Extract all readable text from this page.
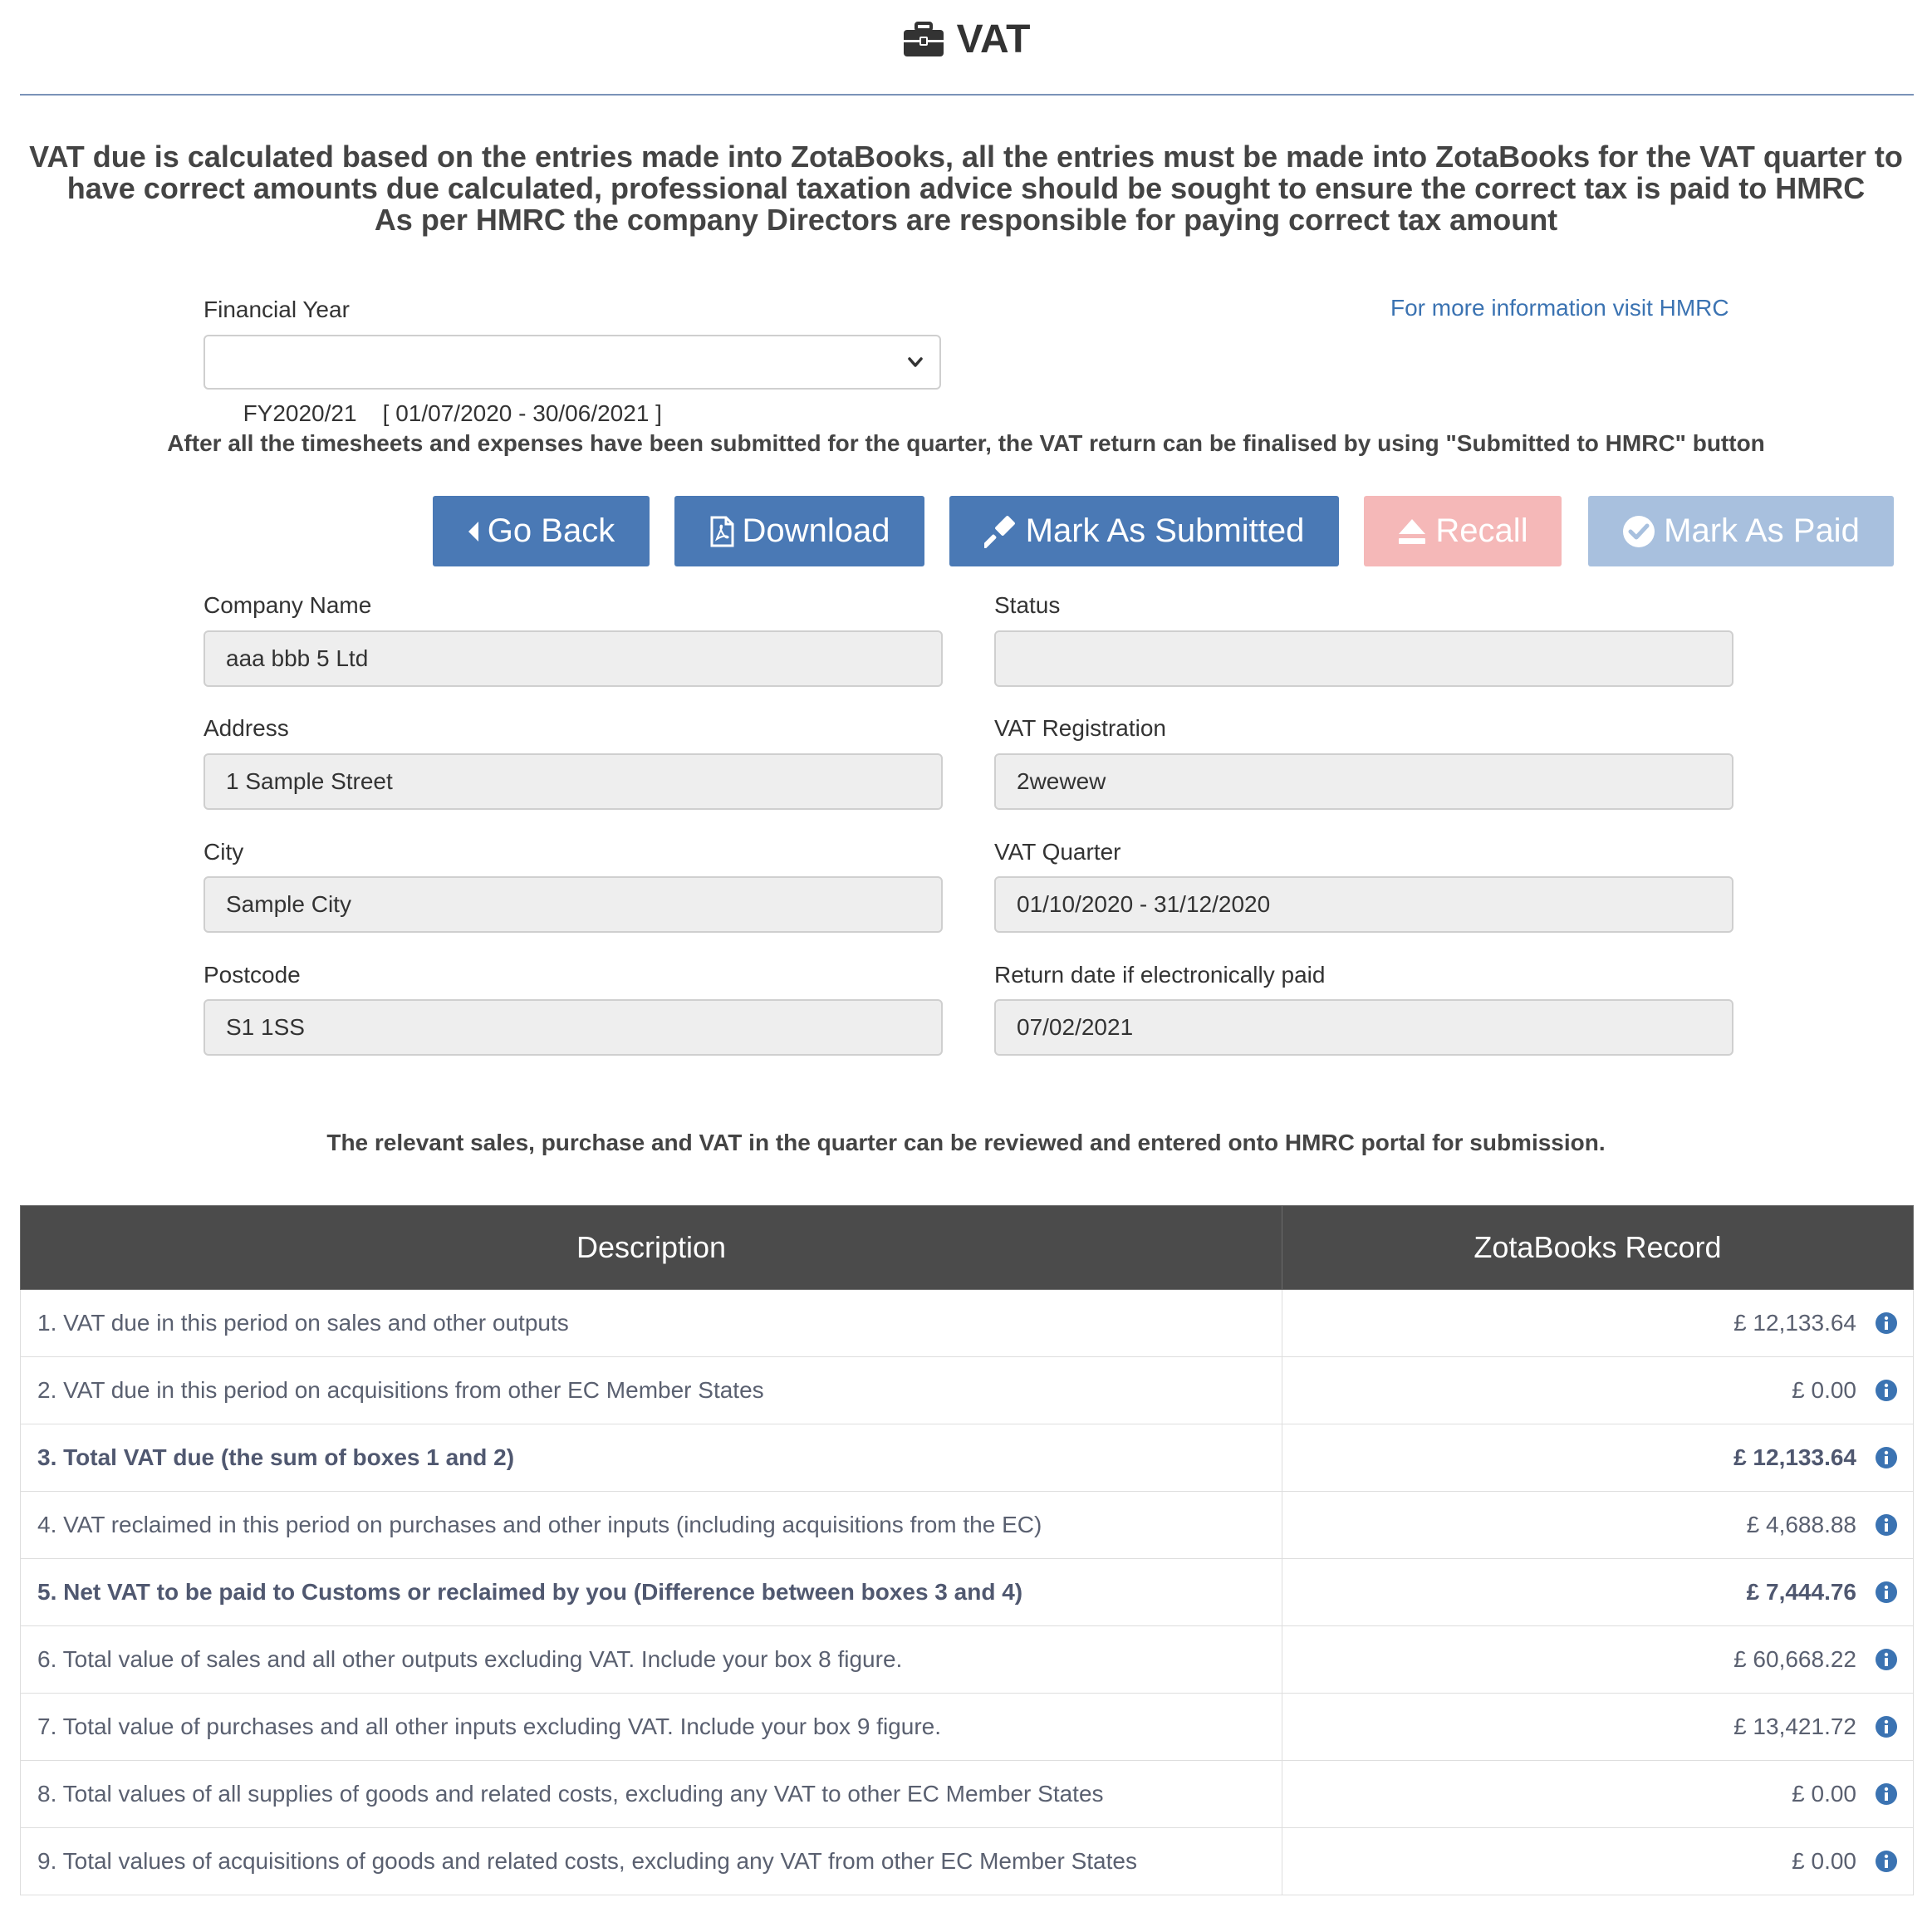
VAT
VAT due is calculated based on the entries made into ZotaBooks, all the entries must be made into ZotaBooks for the VAT quarter to
have correct amounts due calculated, professional taxation advice should be sought to ensure the correct tax is paid to HMRC
As per HMRC the company Directors are responsible for paying correct tax amount
Financial Year

FY2020/21    [ 01/07/2020 - 30/06/2021 ]

For more information visit HMRC
After all the timesheets and expenses have been submitted for the quarter, the VAT return can be finalised by using "Submitted to HMRC" button
Go Back	Download	Mark As Submitted	Recall	Mark As Paid
Company Name
aaa bbb 5 Ltd
Address
1 Sample Street
City
Sample City
Postcode
S1 1SS
Status
VAT Registration
2wewew
VAT Quarter
01/10/2020 - 31/12/2020
Return date if electronically paid
07/02/2021
The relevant sales, purchase and VAT in the quarter can be reviewed and entered onto HMRC portal for submission.
Description	ZotaBooks Record
1. VAT due in this period on sales and other outputs	£ 12,133.64

2. VAT due in this period on acquisitions from other EC Member States	£ 0.00

3. Total VAT due (the sum of boxes 1 and 2)	£ 12,133.64

4. VAT reclaimed in this period on purchases and other inputs (including acquisitions from the EC)	£ 4,688.88

5. Net VAT to be paid to Customs or reclaimed by you (Difference between boxes 3 and 4)	£ 7,444.76

6. Total value of sales and all other outputs excluding VAT. Include your box 8 figure.	£ 60,668.22

7. Total value of purchases and all other inputs excluding VAT. Include your box 9 figure.	£ 13,421.72

8. Total values of all supplies of goods and related costs, excluding any VAT to other EC Member States	£ 0.00

9. Total values of acquisitions of goods and related costs, excluding any VAT from other EC Member States	£ 0.00
